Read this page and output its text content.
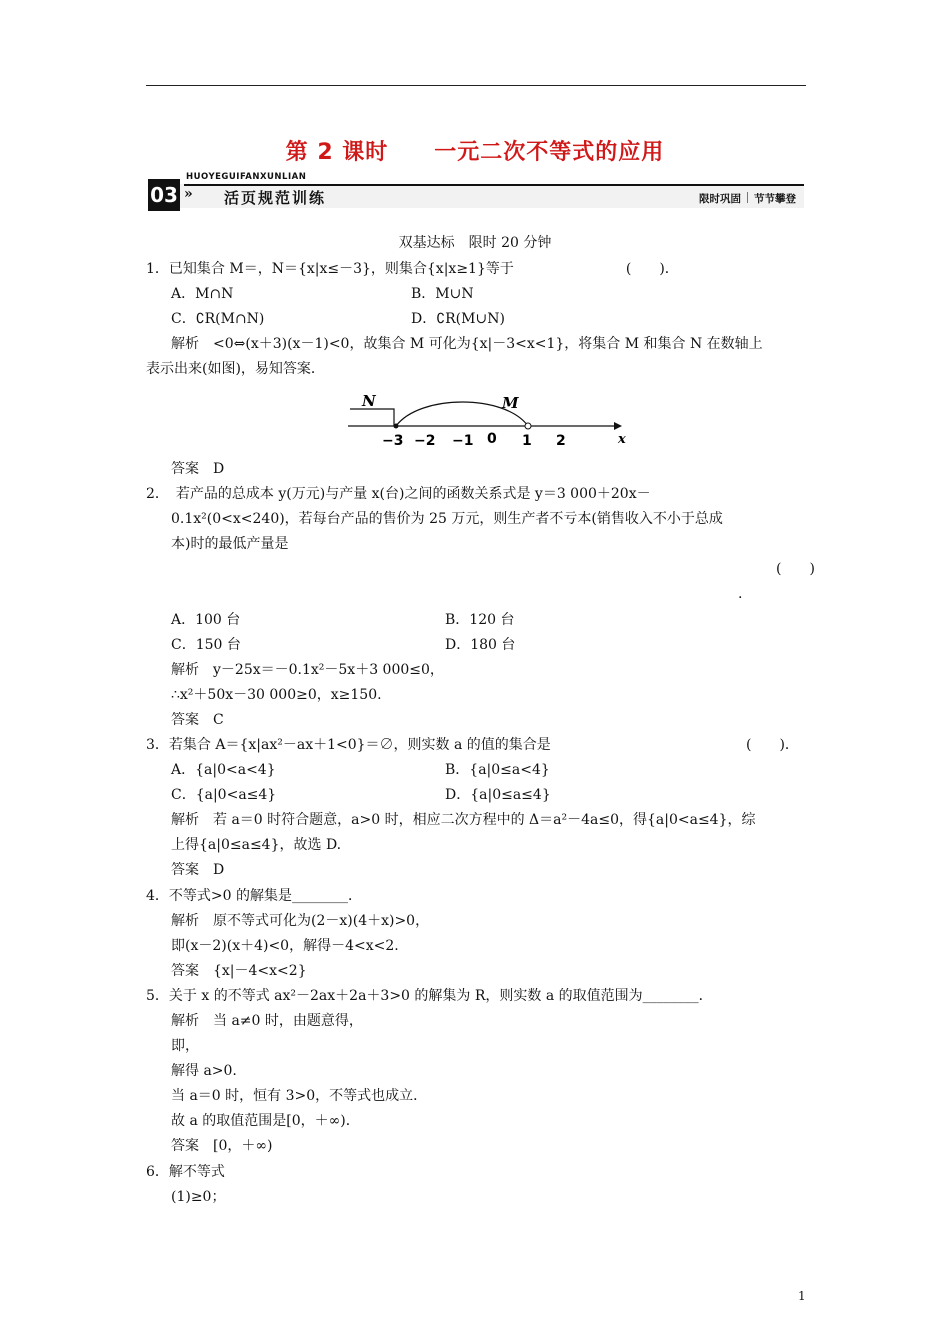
第 2 课时　　一元二次不等式的应用
HUOYEGUIFANXUNLIAN
03 » 活页规范训练	限时巩固 节节攀登
双基达标　限时 20 分钟
1．已知集合 M＝，N＝{x|x≤－3}，则集合{x|x≥1}等于　　　　　　　　(　　)．
A．M∩N	B．M∪N
C．∁R(M∩N)	D．∁R(M∪N)
解析　<0⇔(x＋3)(x－1)<0，故集合 M 可化为{x|－3<x<1}，将集合 M 和集合 N 在数轴上
表示出来(如图)，易知答案．
N	M
−3 −2 −1 0 1 2	x
答案　D
2．　若产品的总成本 y(万元)与产量 x(台)之间的函数关系式是 y＝3 000＋20x－
0.1x²(0<x<240)，若每台产品的售价为 25 万元，则生产者不亏本(销售收入不小于总成
本)时的最低产量是
(　　)
.
A．100 台	B．120 台
C．150 台	D．180 台
解析　y－25x＝－0.1x²－5x＋3 000≤0，
∴x²＋50x－30 000≥0，x≥150.
答案　C
3．若集合 A＝{x|ax²－ax＋1<0}＝∅，则实数 a 的值的集合是	(　　)．
A．{a|0<a<4}	B．{a|0≤a<4}
C．{a|0<a≤4}	D．{a|0≤a≤4}
解析　若 a＝0 时符合题意，a>0 时，相应二次方程中的 Δ＝a²－4a≤0，得{a|0<a≤4}，综
上得{a|0≤a≤4}，故选 D.
答案　D
4．不等式>0 的解集是________．
解析　原不等式可化为(2－x)(4＋x)>0，
即(x－2)(x＋4)<0，解得－4<x<2.
答案　{x|－4<x<2}
5．关于 x 的不等式 ax²－2ax＋2a＋3>0 的解集为 R，则实数 a 的取值范围为________．
解析　当 a≠0 时，由题意得，
即，
解得 a>0.
当 a＝0 时，恒有 3>0，不等式也成立．
故 a 的取值范围是[0，＋∞)．
答案　[0，＋∞)
6．解不等式
(1)≥0；
1
